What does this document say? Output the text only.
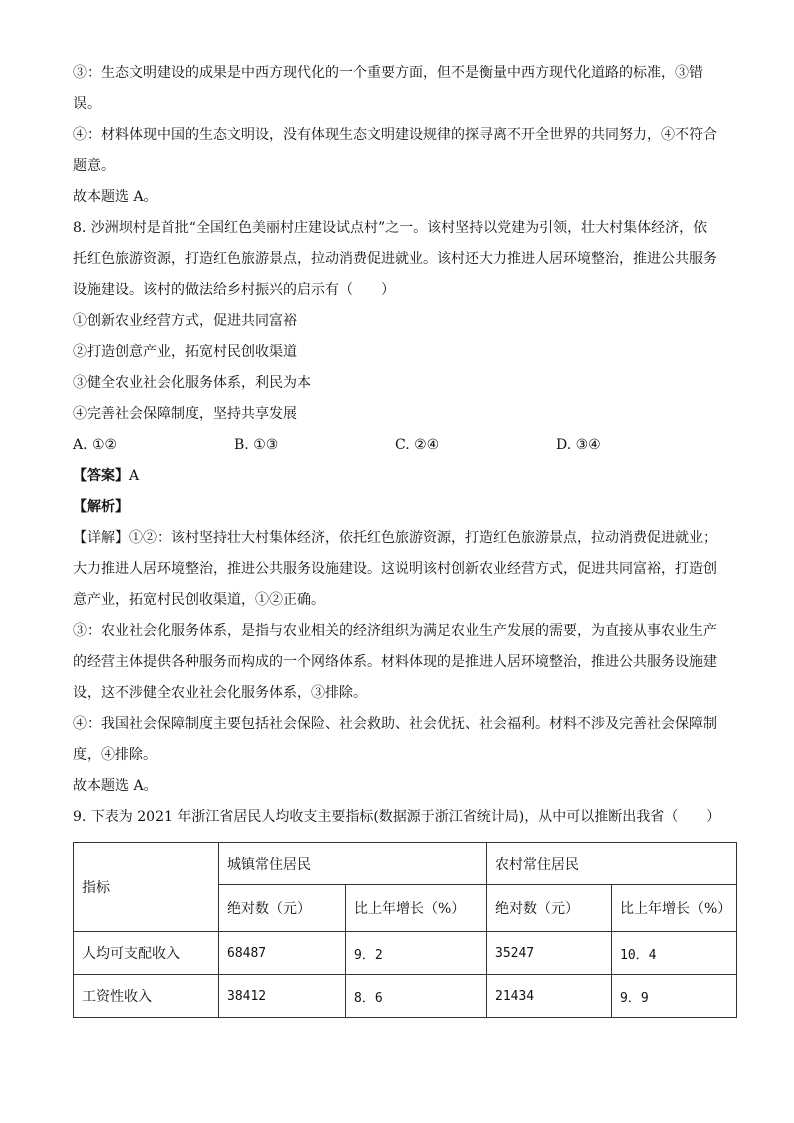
③：生态文明建设的成果是中西方现代化的一个重要方面，但不是衡量中西方现代化道路的标准，③错
误。
④：材料体现中国的生态文明设，没有体现生态文明建设规律的探寻离不开全世界的共同努力，④不符合
题意。
故本题选 A。
8. 沙洲坝村是首批“全国红色美丽村庄建设试点村”之一。该村坚持以党建为引领，壮大村集体经济，依
托红色旅游资源，打造红色旅游景点，拉动消费促进就业。该村还大力推进人居环境整治，推进公共服务
设施建设。该村的做法给乡村振兴的启示有（　　）
①创新农业经营方式，促进共同富裕
②打造创意产业，拓宽村民创收渠道
③健全农业社会化服务体系，利民为本
④完善社会保障制度，坚持共享发展
A. ①②	B. ①③	C. ②④	D. ③④
【答案】A
【解析】
【详解】①②：该村坚持壮大村集体经济，依托红色旅游资源，打造红色旅游景点，拉动消费促进就业；
大力推进人居环境整治，推进公共服务设施建设。这说明该村创新农业经营方式，促进共同富裕，打造创
意产业，拓宽村民创收渠道，①②正确。
③：农业社会化服务体系，是指与农业相关的经济组织为满足农业生产发展的需要，为直接从事农业生产
的经营主体提供各种服务而构成的一个网络体系。材料体现的是推进人居环境整治，推进公共服务设施建
设，这不涉健全农业社会化服务体系，③排除。
④：我国社会保障制度主要包括社会保险、社会救助、社会优抚、社会福利。材料不涉及完善社会保障制
度，④排除。
故本题选 A。
9. 下表为 2021 年浙江省居民人均收支主要指标(数据源于浙江省统计局)，从中可以推断出我省（　　）
指标	城镇常住居民		农村常住居民	
	绝对数（元）	比上年增长（%）	绝对数（元）	比上年增长（%）
人均可支配收入	68487	9．2	35247	10．4
工资性收入	38412	8．6	21434	9．9
